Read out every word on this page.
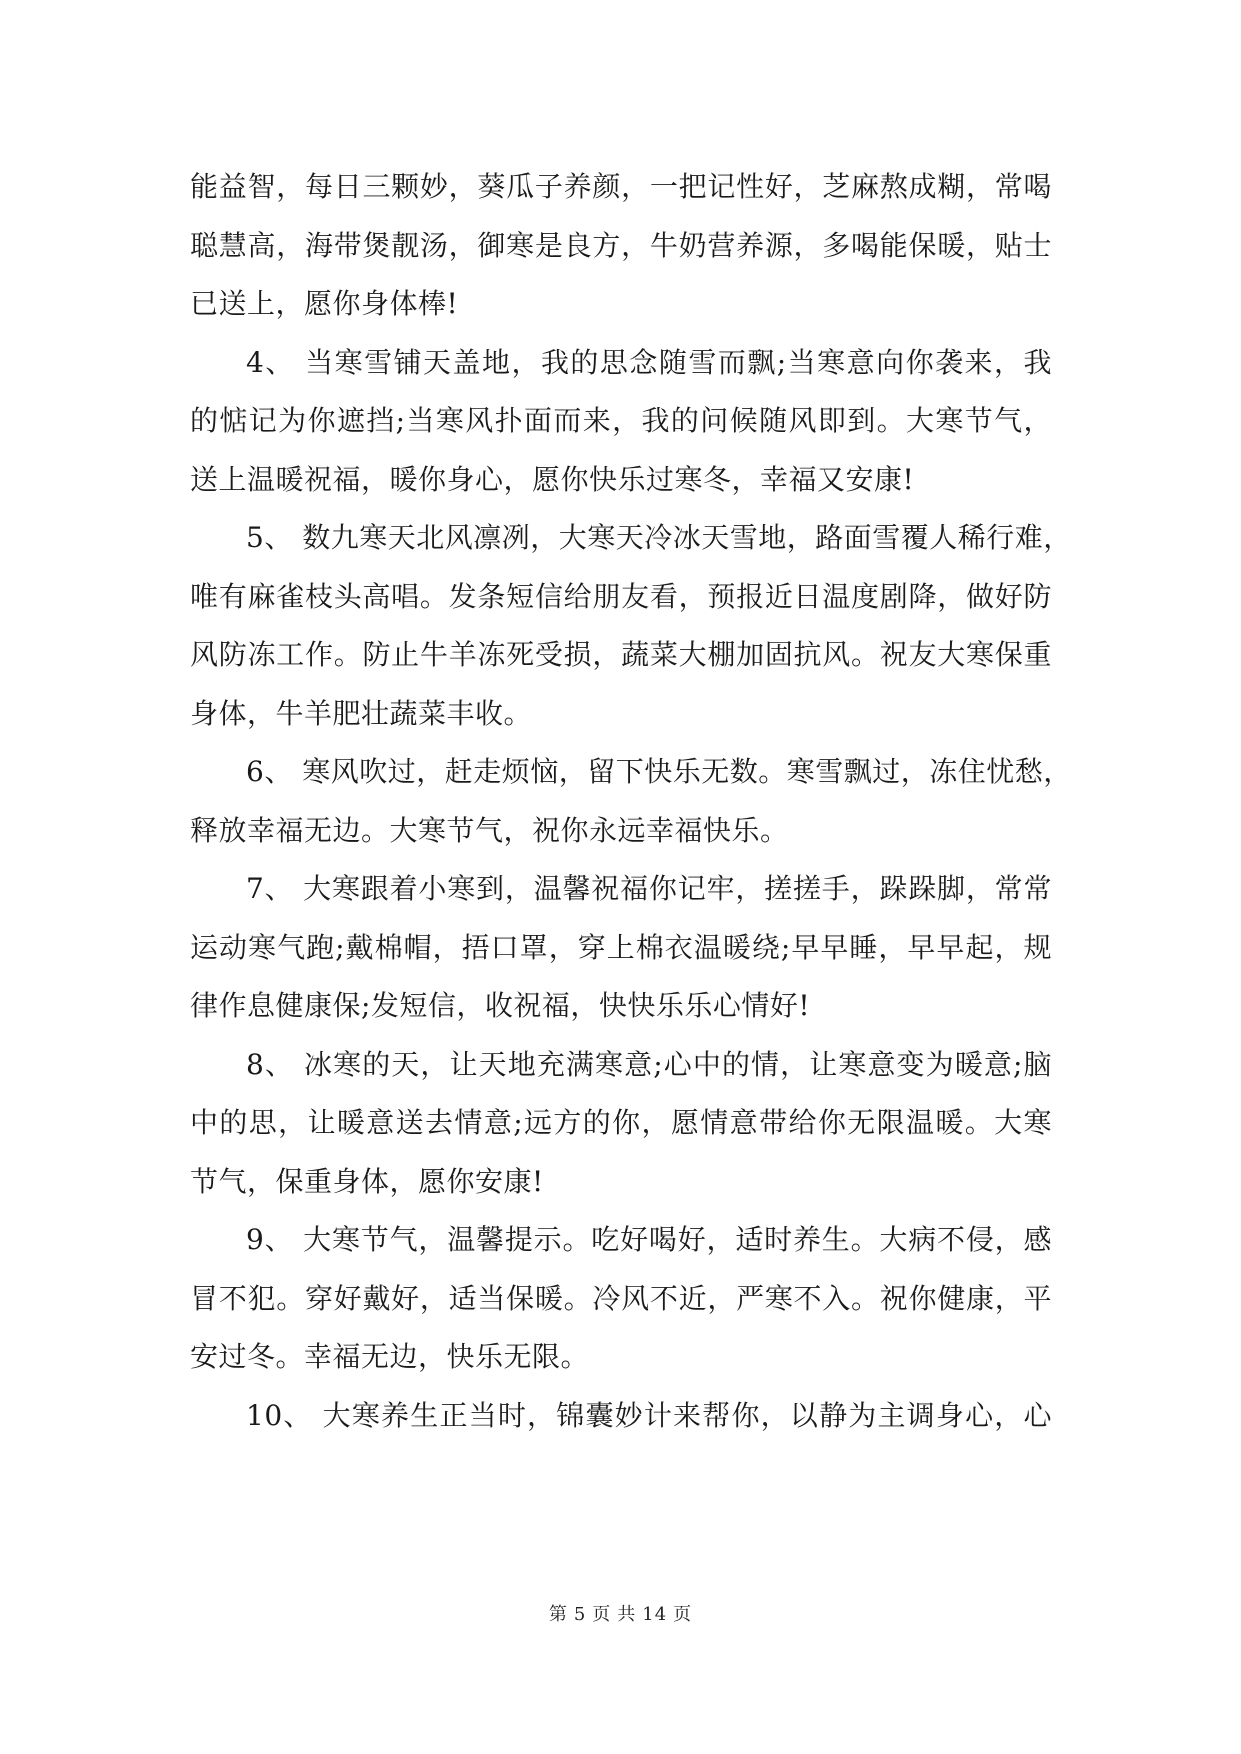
能益智，每日三颗妙，葵瓜子养颜，一把记性好，芝麻熬成糊，常喝
聪慧高，海带煲靓汤，御寒是良方，牛奶营养源，多喝能保暖，贴士
已送上，愿你身体棒!
4、 当寒雪铺天盖地，我的思念随雪而飘;当寒意向你袭来，我
的惦记为你遮挡;当寒风扑面而来，我的问候随风即到。大寒节气，
送上温暖祝福，暖你身心，愿你快乐过寒冬，幸福又安康!
5、 数九寒天北风凛冽，大寒天冷冰天雪地，路面雪覆人稀行难，
唯有麻雀枝头高唱。发条短信给朋友看，预报近日温度剧降，做好防
风防冻工作。防止牛羊冻死受损，蔬菜大棚加固抗风。祝友大寒保重
身体，牛羊肥壮蔬菜丰收。
6、 寒风吹过，赶走烦恼，留下快乐无数。寒雪飘过，冻住忧愁，
释放幸福无边。大寒节气，祝你永远幸福快乐。
7、 大寒跟着小寒到，温馨祝福你记牢，搓搓手，跺跺脚，常常
运动寒气跑;戴棉帽，捂口罩，穿上棉衣温暖绕;早早睡，早早起，规
律作息健康保;发短信，收祝福，快快乐乐心情好!
8、 冰寒的天，让天地充满寒意;心中的情，让寒意变为暖意;脑
中的思，让暖意送去情意;远方的你，愿情意带给你无限温暖。大寒
节气，保重身体，愿你安康!
9、 大寒节气，温馨提示。吃好喝好，适时养生。大病不侵，感
冒不犯。穿好戴好，适当保暖。冷风不近，严寒不入。祝你健康，平
安过冬。幸福无边，快乐无限。
10、 大寒养生正当时，锦囊妙计来帮你，以静为主调身心，心
第 5 页 共 14 页
